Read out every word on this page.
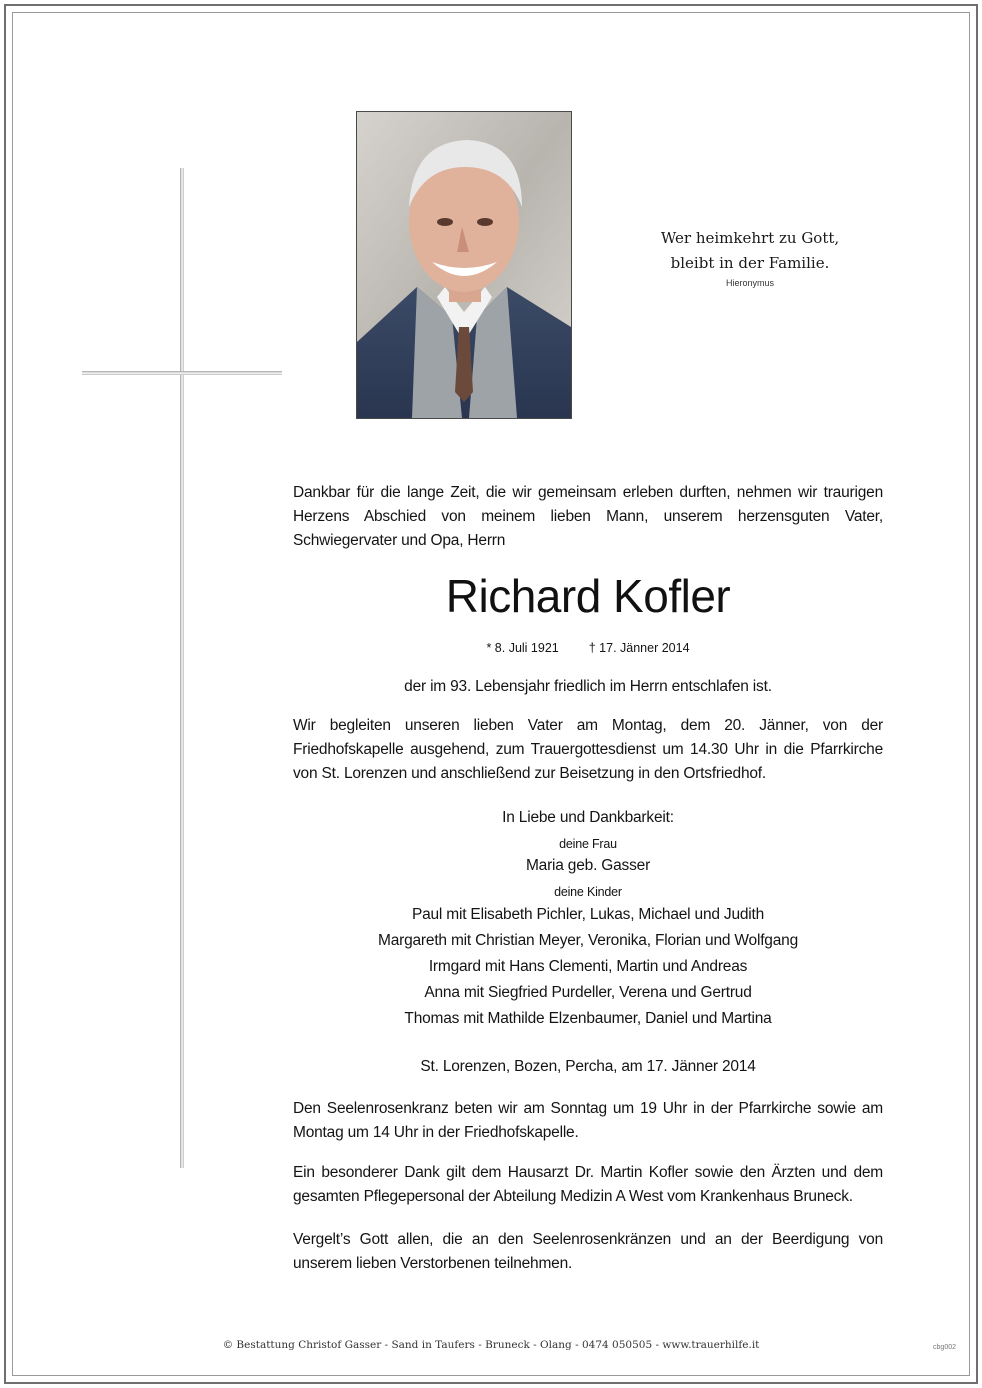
Wer heimkehrt zu Gott,
bleibt in der Familie.
Hieronymus
Dankbar für die lange Zeit, die wir gemeinsam erleben durften, nehmen wir traurigen Herzens Abschied von meinem lieben Mann, unserem herzensguten Vater, Schwiegervater und Opa, Herrn
Richard Kofler
* 8. Juli 1921 † 17. Jänner 2014
der im 93. Lebensjahr friedlich im Herrn entschlafen ist.
Wir begleiten unseren lieben Vater am Montag, dem 20. Jänner, von der Friedhofskapelle ausgehend, zum Trauergottesdienst um 14.30 Uhr in die Pfarrkirche von St. Lorenzen und anschließend zur Beisetzung in den Ortsfriedhof.
In Liebe und Dankbarkeit:
deine Frau
Maria geb. Gasser
deine Kinder
Paul mit Elisabeth Pichler, Lukas, Michael und Judith
Margareth mit Christian Meyer, Veronika, Florian und Wolfgang
Irmgard mit Hans Clementi, Martin und Andreas
Anna mit Siegfried Purdeller, Verena und Gertrud
Thomas mit Mathilde Elzenbaumer, Daniel und Martina
St. Lorenzen, Bozen, Percha, am 17. Jänner 2014
Den Seelenrosenkranz beten wir am Sonntag um 19 Uhr in der Pfarrkirche sowie am Montag um 14 Uhr in der Friedhofskapelle.
Ein besonderer Dank gilt dem Hausarzt Dr. Martin Kofler sowie den Ärzten und dem gesamten Pflegepersonal der Abteilung Medizin A West vom Krankenhaus Bruneck.
Vergelt’s Gott allen, die an den Seelenrosenkränzen und an der Beerdigung von unserem lieben Verstorbenen teilnehmen.
© Bestattung Christof Gasser - Sand in Taufers - Bruneck - Olang - 0474 050505 - www.trauerhilfe.it	cbg002
